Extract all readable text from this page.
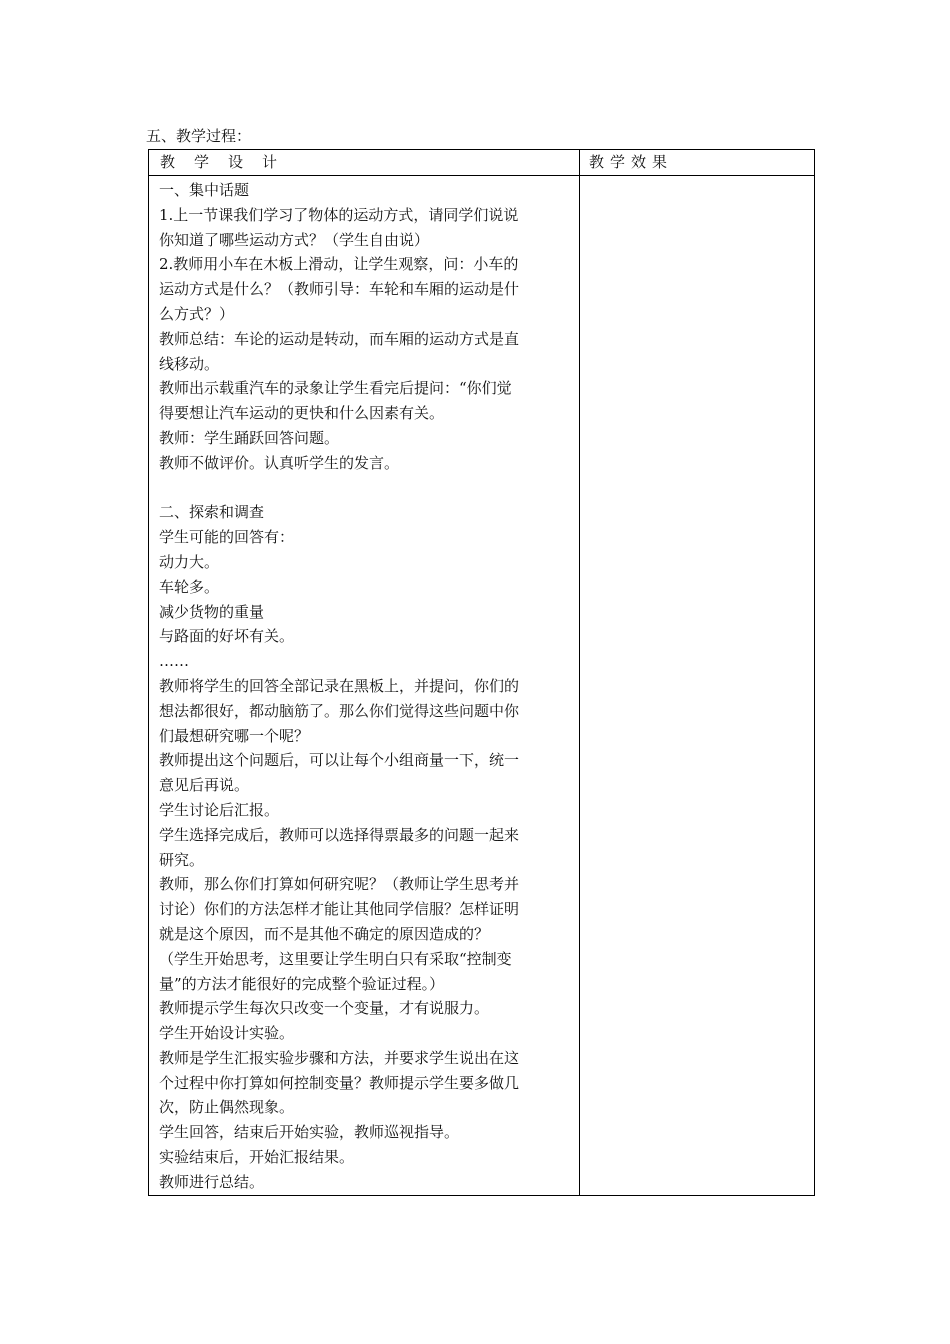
五、教学过程：
教学设计	教学效果
一、集中话题
1.上一节课我们学习了物体的运动方式，请同学们说说
你知道了哪些运动方式？（学生自由说）
2.教师用小车在木板上滑动，让学生观察，问：小车的
运动方式是什么？（教师引导：车轮和车厢的运动是什
么方式？）
教师总结：车论的运动是转动，而车厢的运动方式是直
线移动。
教师出示载重汽车的录象让学生看完后提问：“你们觉
得要想让汽车运动的更快和什么因素有关。
教师：学生踊跃回答问题。
教师不做评价。认真听学生的发言。
二、探索和调查
学生可能的回答有：
动力大。
车轮多。
减少货物的重量
与路面的好坏有关。
……
教师将学生的回答全部记录在黑板上，并提问，你们的
想法都很好，都动脑筋了。那么你们觉得这些问题中你
们最想研究哪一个呢？
教师提出这个问题后，可以让每个小组商量一下，统一
意见后再说。
学生讨论后汇报。
学生选择完成后，教师可以选择得票最多的问题一起来
研究。
教师，那么你们打算如何研究呢？（教师让学生思考并
讨论）你们的方法怎样才能让其他同学信服？怎样证明
就是这个原因，而不是其他不确定的原因造成的？
（学生开始思考，这里要让学生明白只有采取“控制变
量”的方法才能很好的完成整个验证过程。）
教师提示学生每次只改变一个变量，才有说服力。
学生开始设计实验。
教师是学生汇报实验步骤和方法，并要求学生说出在这
个过程中你打算如何控制变量？教师提示学生要多做几
次，防止偶然现象。
学生回答，结束后开始实验，教师巡视指导。
实验结束后，开始汇报结果。
教师进行总结。
